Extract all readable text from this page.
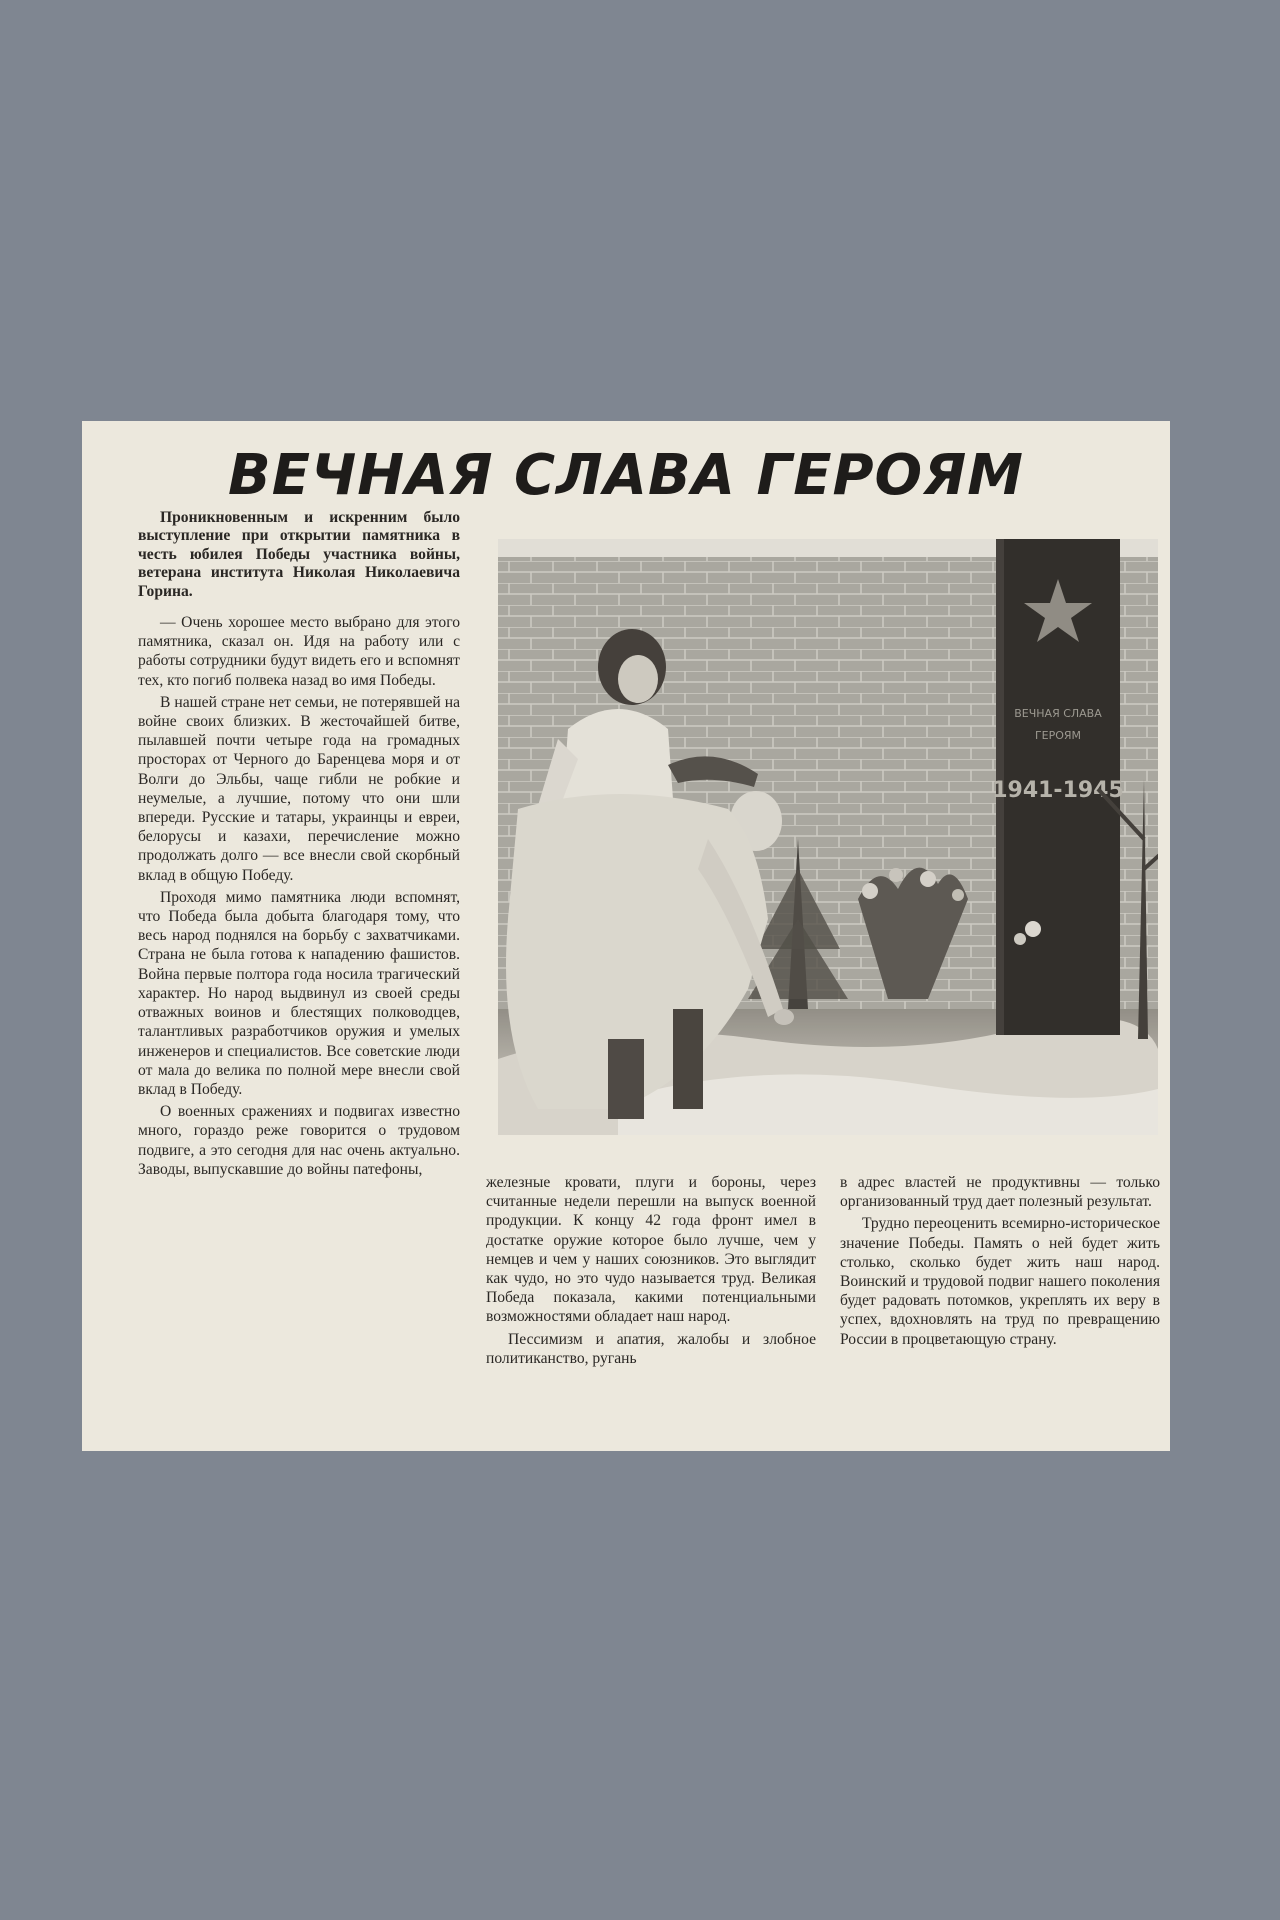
ВЕЧНАЯ СЛАВА ГЕРОЯМ

Проникновенным и искренним было выступление при открытии памятника в честь юбилея Победы участника войны, ветерана института Николая Николаевича Горина.

— Очень хорошее место выбрано для этого памятника, сказал он. Идя на работу или с работы сотрудники будут видеть его и вспомнят тех, кто погиб полвека назад во имя Победы.

В нашей стране нет семьи, не потерявшей на войне своих близких. В жесточайшей битве, пылавшей почти четыре года на громадных просторах от Черного до Баренцева моря и от Волги до Эльбы, чаще гибли не робкие и неумелые, а лучшие, потому что они шли впереди. Русские и татары, украинцы и евреи, белорусы и казахи, перечисление можно продолжать долго — все внесли свой скорбный вклад в общую Победу.

Проходя мимо памятника люди вспомнят, что Победа была добыта благодаря тому, что весь народ поднялся на борьбу с захватчиками. Страна не была готова к нападению фашистов. Война первые полтора года носила трагический характер. Но народ выдвинул из своей среды отважных воинов и блестящих полководцев, талантливых разработчиков оружия и умелых инженеров и специалистов. Все советские люди от мала до велика по полной мере внесли свой вклад в Победу.

О военных сражениях и подвигах известно много, гораздо реже говорится о трудовом подвиге, а это сегодня для нас очень актуально. Заводы, выпускавшие до войны патефоны,

ВЕЧНАЯ СЛАВА
ГЕРОЯМ
1941-1945

железные кровати, плуги и бороны, через считанные недели перешли на выпуск военной продукции. К концу 42 года фронт имел в достатке оружие которое было лучше, чем у немцев и чем у наших союзников. Это выглядит как чудо, но это чудо называется труд. Великая Победа показала, какими потенциальными возможностями обладает наш народ.

Пессимизм и апатия, жалобы и злобное политиканство, ругань

в адрес властей не продуктивны — только организованный труд дает полезный результат.

Трудно переоценить всемирно-историческое значение Победы. Память о ней будет жить столько, сколько будет жить наш народ. Воинский и трудовой подвиг нашего поколения будет радовать потомков, укреплять их веру в успех, вдохновлять на труд по превращению России в процветающую страну.
